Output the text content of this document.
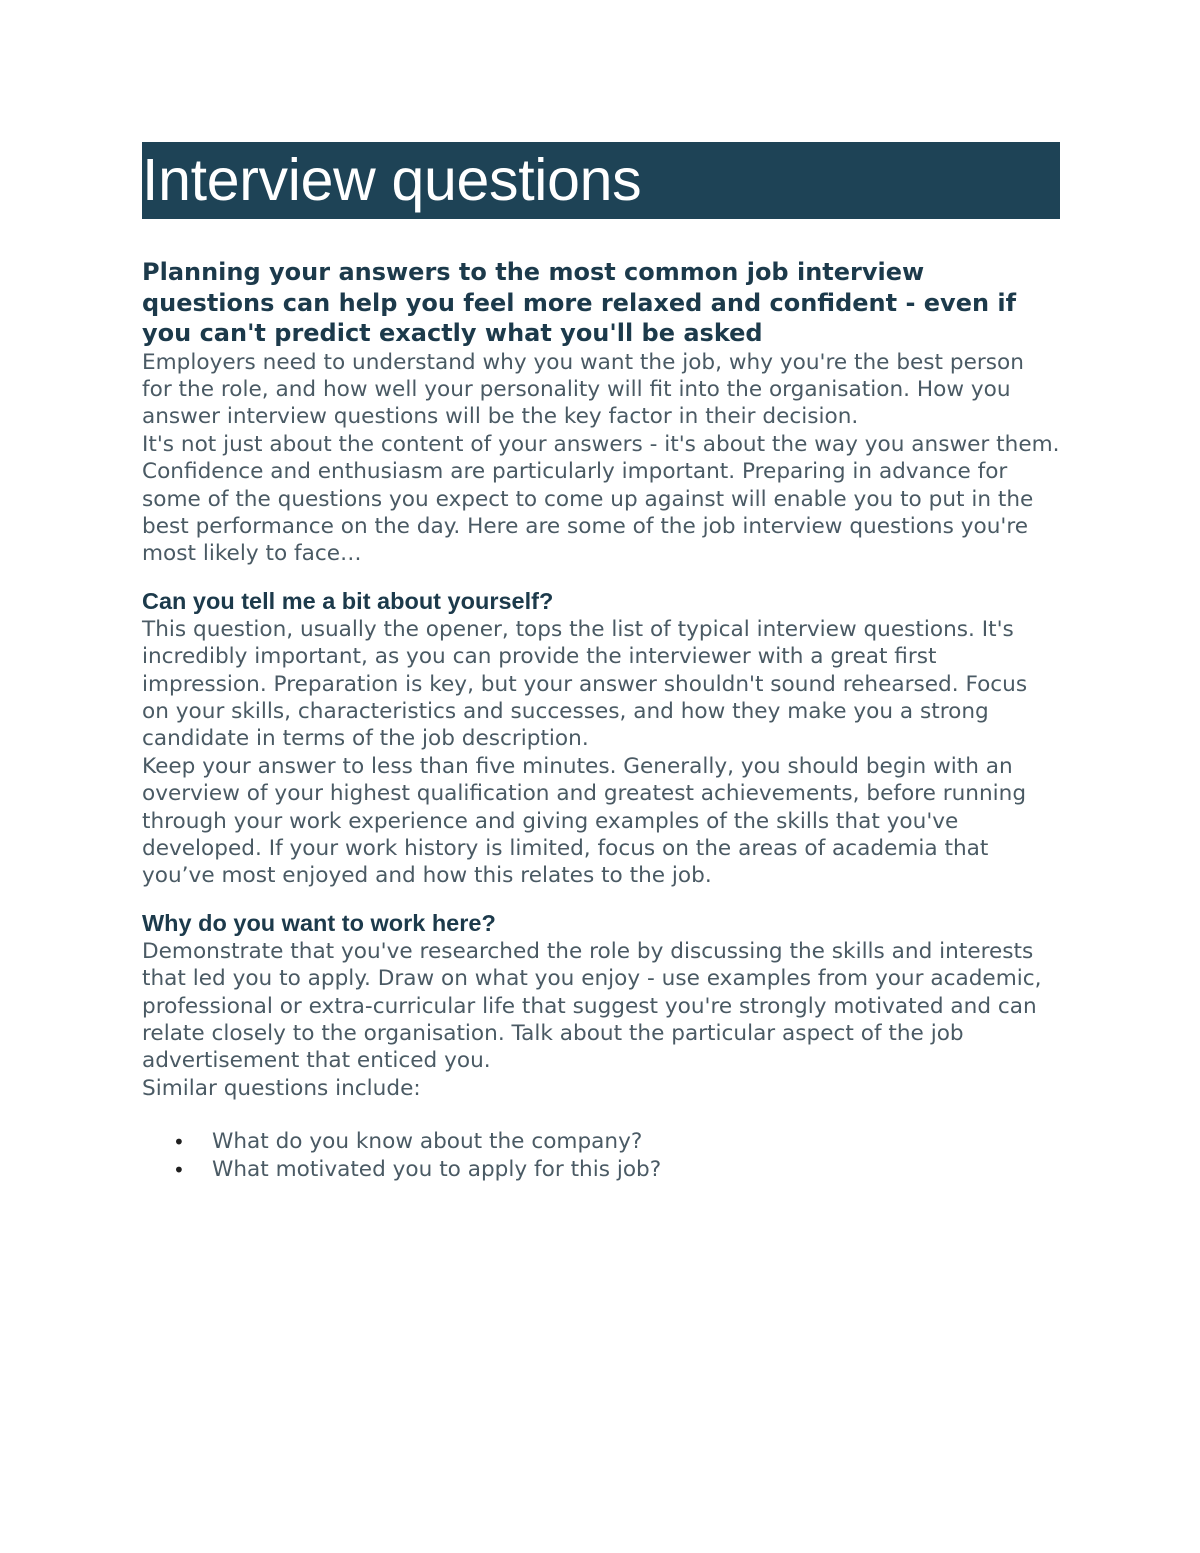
Interview questions
Planning your answers to the most common job interview questions can help you feel more relaxed and confident - even if you can't predict exactly what you'll be asked

Employers need to understand why you want the job, why you're the best person for the role, and how well your personality will fit into the organisation. How you answer interview questions will be the key factor in their decision.

It's not just about the content of your answers - it's about the way you answer them. Confidence and enthusiasm are particularly important. Preparing in advance for some of the questions you expect to come up against will enable you to put in the best performance on the day. Here are some of the job interview questions you're most likely to face…

Can you tell me a bit about yourself?

This question, usually the opener, tops the list of typical interview questions. It's incredibly important, as you can provide the interviewer with a great first impression. Preparation is key, but your answer shouldn't sound rehearsed. Focus on your skills, characteristics and successes, and how they make you a strong candidate in terms of the job description.

Keep your answer to less than five minutes. Generally, you should begin with an overview of your highest qualification and greatest achievements, before running through your work experience and giving examples of the skills that you've developed. If your work history is limited, focus on the areas of academia that you’ve most enjoyed and how this relates to the job.

Why do you want to work here?

Demonstrate that you've researched the role by discussing the skills and interests that led you to apply. Draw on what you enjoy - use examples from your academic, professional or extra-curricular life that suggest you're strongly motivated and can relate closely to the organisation. Talk about the particular aspect of the job advertisement that enticed you.

Similar questions include:

• What do you know about the company?
• What motivated you to apply for this job?
